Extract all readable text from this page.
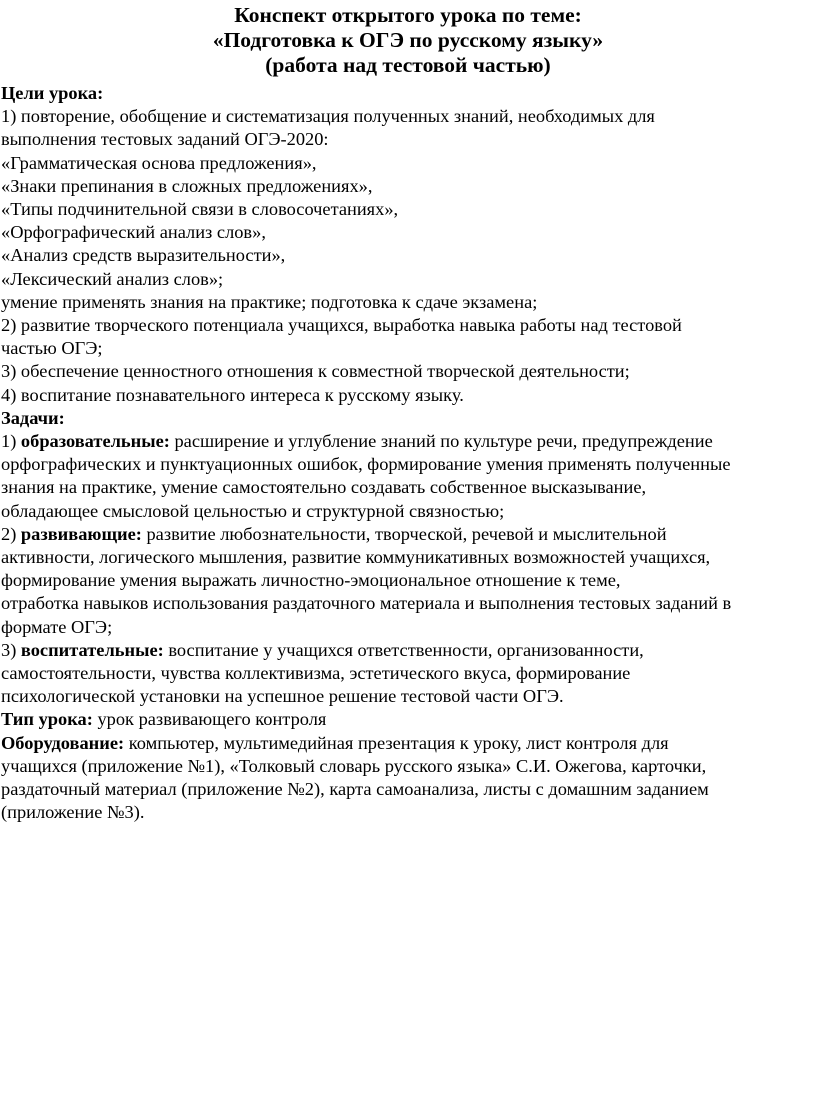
Конспект открытого урока по теме:
«Подготовка к ОГЭ по русскому языку»
(работа над тестовой частью)
Цели урока:
1) повторение, обобщение и систематизация полученных знаний, необходимых для
выполнения тестовых заданий ОГЭ-2020:
«Грамматическая основа предложения»,
«Знаки препинания в сложных предложениях»,
«Типы подчинительной связи в словосочетаниях»,
«Орфографический анализ слов»,
«Анализ средств выразительности»,
«Лексический анализ слов»;
умение применять знания на практике; подготовка к сдаче экзамена;
2) развитие творческого потенциала учащихся, выработка навыка работы над тестовой
частью ОГЭ;
3) обеспечение ценностного отношения к совместной творческой деятельности;
4) воспитание познавательного интереса к русскому языку.
Задачи:
1) образовательные: расширение и углубление знаний по культуре речи, предупреждение
орфографических и пунктуационных ошибок, формирование умения применять полученные
знания на практике, умение самостоятельно создавать собственное высказывание,
обладающее смысловой цельностью и структурной связностью;
2) развивающие: развитие любознательности, творческой, речевой и мыслительной
активности, логического мышления, развитие коммуникативных возможностей учащихся,
формирование умения выражать личностно-эмоциональное отношение к теме,
отработка навыков использования раздаточного материала и выполнения тестовых заданий в
формате ОГЭ;
3) воспитательные: воспитание у учащихся ответственности, организованности,
самостоятельности, чувства коллективизма, эстетического вкуса, формирование
психологической установки на успешное решение тестовой части ОГЭ.
Тип урока: урок развивающего контроля
Оборудование: компьютер, мультимедийная презентация к уроку, лист контроля для
учащихся (приложение №1), «Толковый словарь русского языка» С.И. Ожегова, карточки,
раздаточный материал (приложение №2), карта самоанализа, листы с домашним заданием
(приложение №3).
